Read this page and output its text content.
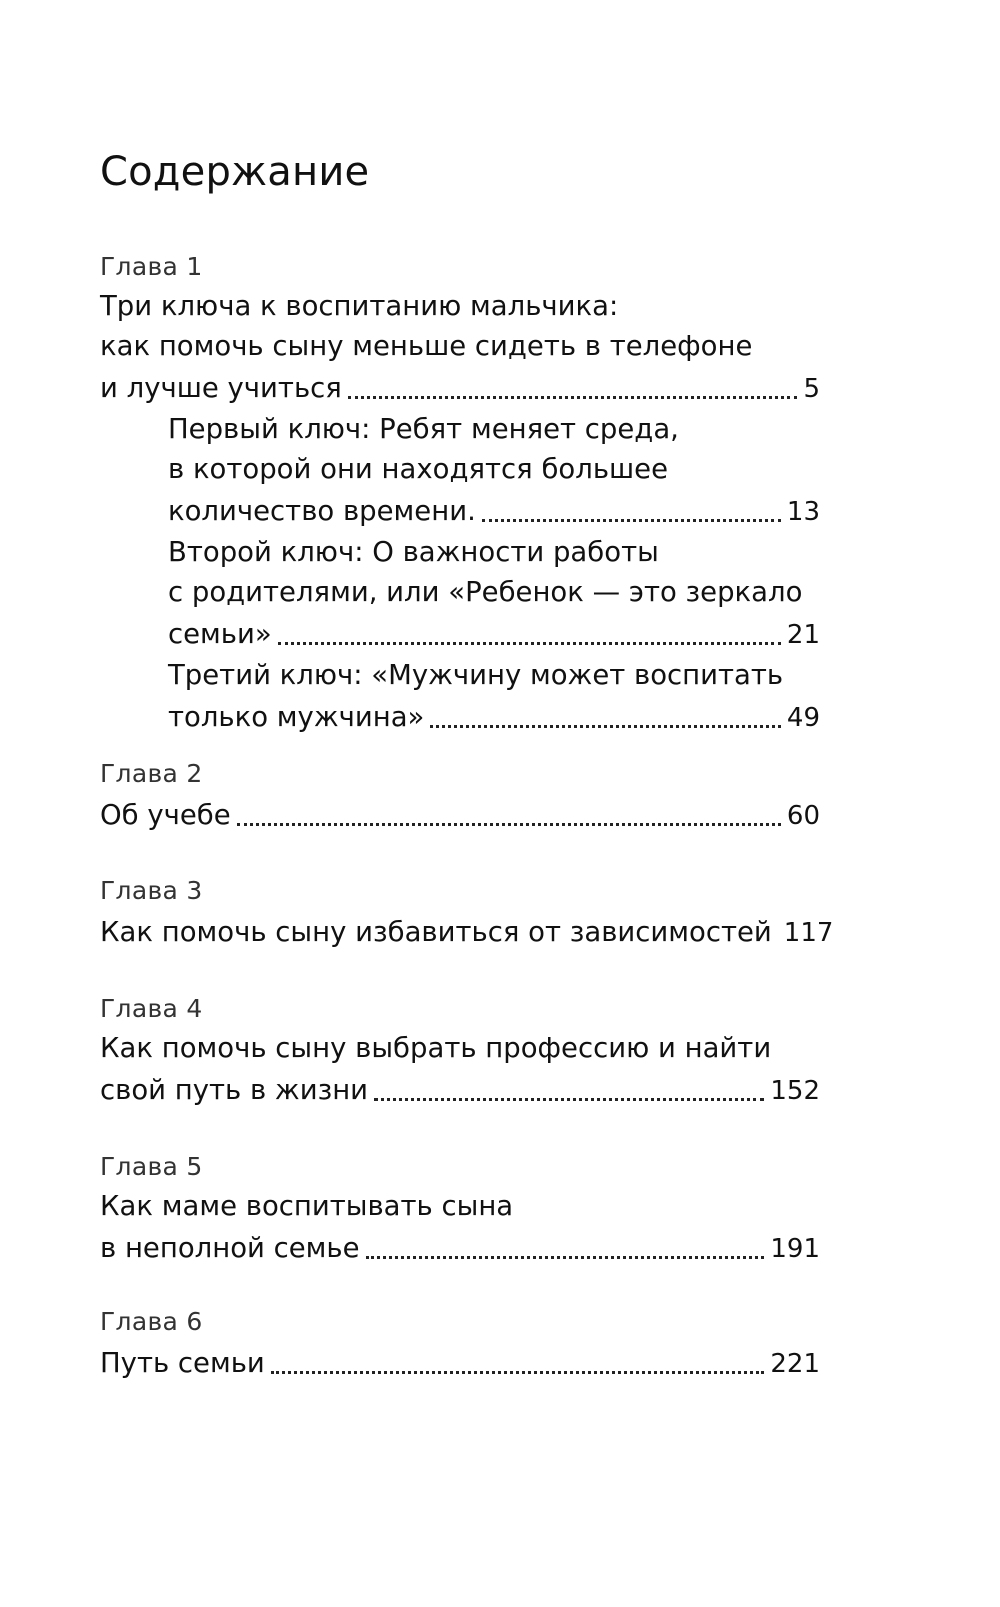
Содержание
Глава 1
Три ключа к воспитанию мальчика:
как помочь сыну меньше сидеть в телефоне
и лучше учиться	5
Первый ключ: Ребят меняет среда,
в которой они находятся большее
количество времени.	13
Второй ключ: О важности работы
с родителями, или «Ребенок — это зеркало
семьи»	21
Третий ключ: «Мужчину может воспитать
только мужчина»	49
Глава 2
Об учебе	60
Глава 3
Как помочь сыну избавиться от зависимостей 117
Глава 4
Как помочь сыну выбрать профессию и найти
свой путь в жизни	152
Глава 5
Как маме воспитывать сына
в неполной семье	191
Глава 6
Путь семьи	221
